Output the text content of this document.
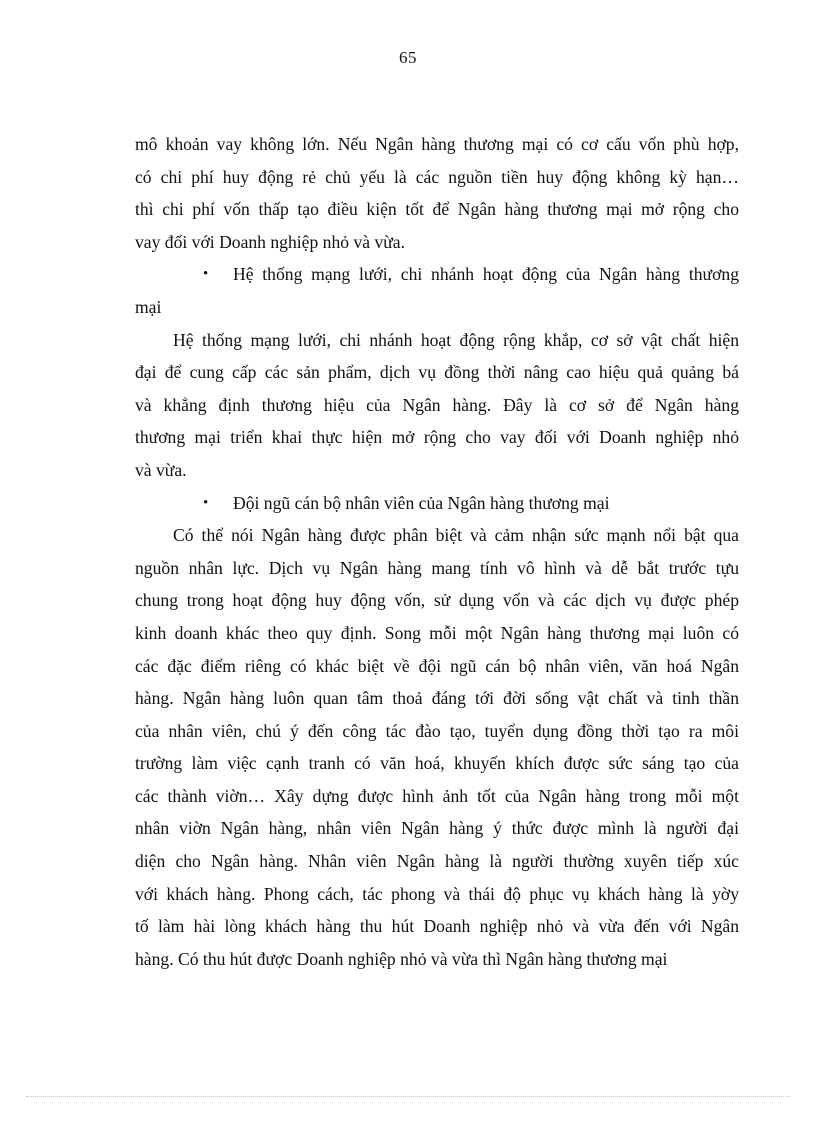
65
mô khoản vay không lớn. Nếu Ngân hàng thương mại có cơ cấu vốn phù hợp,
có chi phí huy động rẻ chủ yếu là các nguồn tiền huy động không kỳ hạn…
thì chi phí vốn thấp tạo điều kiện tốt để Ngân hàng thương mại mở rộng cho
vay đối với Doanh nghiệp nhỏ và vừa.
• Hệ thống mạng lưới, chi nhánh hoạt động của Ngân hàng thương
mại
Hệ thống mạng lưới, chi nhánh hoạt động rộng khắp, cơ sở vật chất hiện
đại để cung cấp các sản phẩm, dịch vụ đồng thời nâng cao hiệu quả quảng bá
và khẳng định thương hiệu của Ngân hàng. Đây là cơ sở để Ngân hàng
thương mại triển khai thực hiện mở rộng cho vay đối với Doanh nghiệp nhỏ
và vừa.
• Đội ngũ cán bộ nhân viên của Ngân hàng thương mại
Có thể nói Ngân hàng được phân biệt và cảm nhận sức mạnh nổi bật qua
nguồn nhân lực. Dịch vụ Ngân hàng mang tính vô hình và dễ bắt trước tựu
chung trong hoạt động huy động vốn, sử dụng vốn và các dịch vụ được phép
kinh doanh khác theo quy định. Song mỗi một Ngân hàng thương mại luôn có
các đặc điểm riêng có khác biệt về đội ngũ cán bộ nhân viên, văn hoá Ngân
hàng. Ngân hàng luôn quan tâm thoả đáng tới đời sống vật chất và tinh thần
của nhân viên, chú ý đến công tác đào tạo, tuyển dụng đồng thời tạo ra môi
trường làm việc cạnh tranh có văn hoá, khuyến khích được sức sáng tạo của
các thành viờn… Xây dựng được hình ảnh tốt của Ngân hàng trong mỗi một
nhân viờn Ngân hàng, nhân viên Ngân hàng ý thức được mình là người đại
diện cho Ngân hàng. Nhân viên Ngân hàng là người thường xuyên tiếp xúc
với khách hàng. Phong cách, tác phong và thái độ phục vụ khách hàng là yờy
tố làm hài lòng khách hàng thu hút Doanh nghiệp nhỏ và vừa đến với Ngân
hàng. Có thu hút được Doanh nghiệp nhỏ và vừa thì Ngân hàng thương mại
